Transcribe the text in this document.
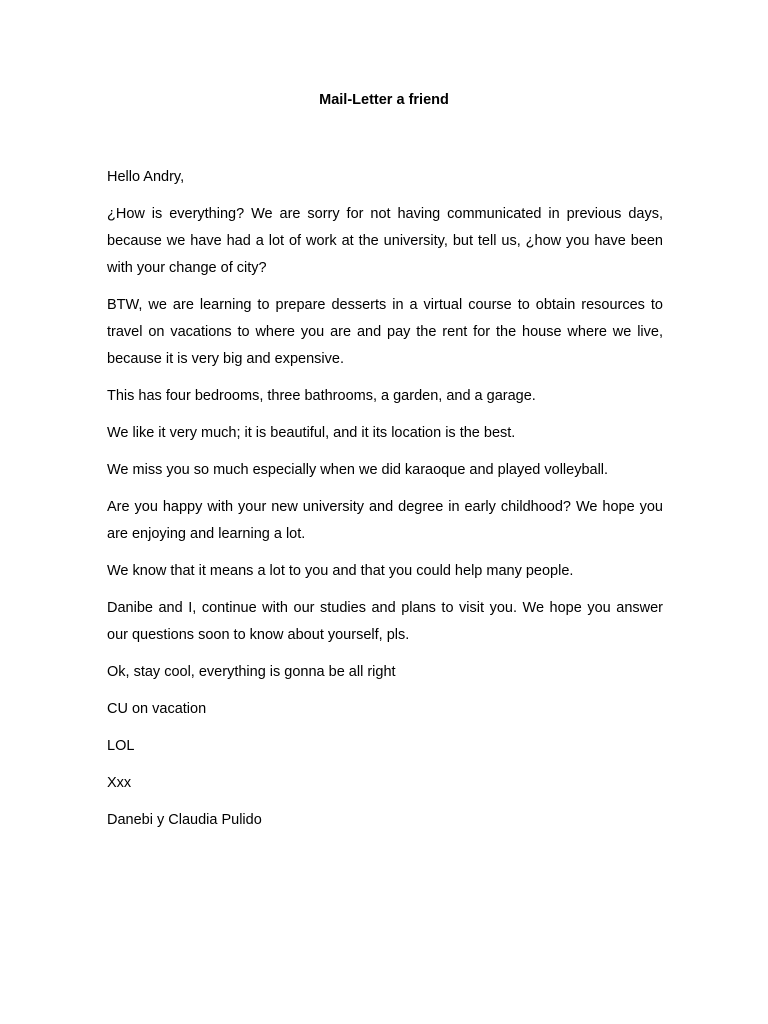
Mail-Letter a friend

Hello Andry,

¿How is everything? We are sorry for not having communicated in previous days, because we have had a lot of work at the university, but tell us, ¿how you have been with your change of city?

BTW, we are learning to prepare desserts in a virtual course to obtain resources to travel on vacations to where you are and pay the rent for the house where we live, because it is very big and expensive.

This has four bedrooms, three bathrooms, a garden, and a garage.

We like it very much; it is beautiful, and it its location is the best.

We miss you so much especially when we did karaoque and played volleyball.

Are you happy with your new university and degree in early childhood? We hope you are enjoying and learning a lot.

We know that it means a lot to you and that you could help many people.

Danibe and I, continue with our studies and plans to visit you. We hope you answer our questions soon to know about yourself, pls.

Ok, stay cool, everything is gonna be all right

CU on vacation

LOL

Xxx

Danebi y Claudia Pulido
